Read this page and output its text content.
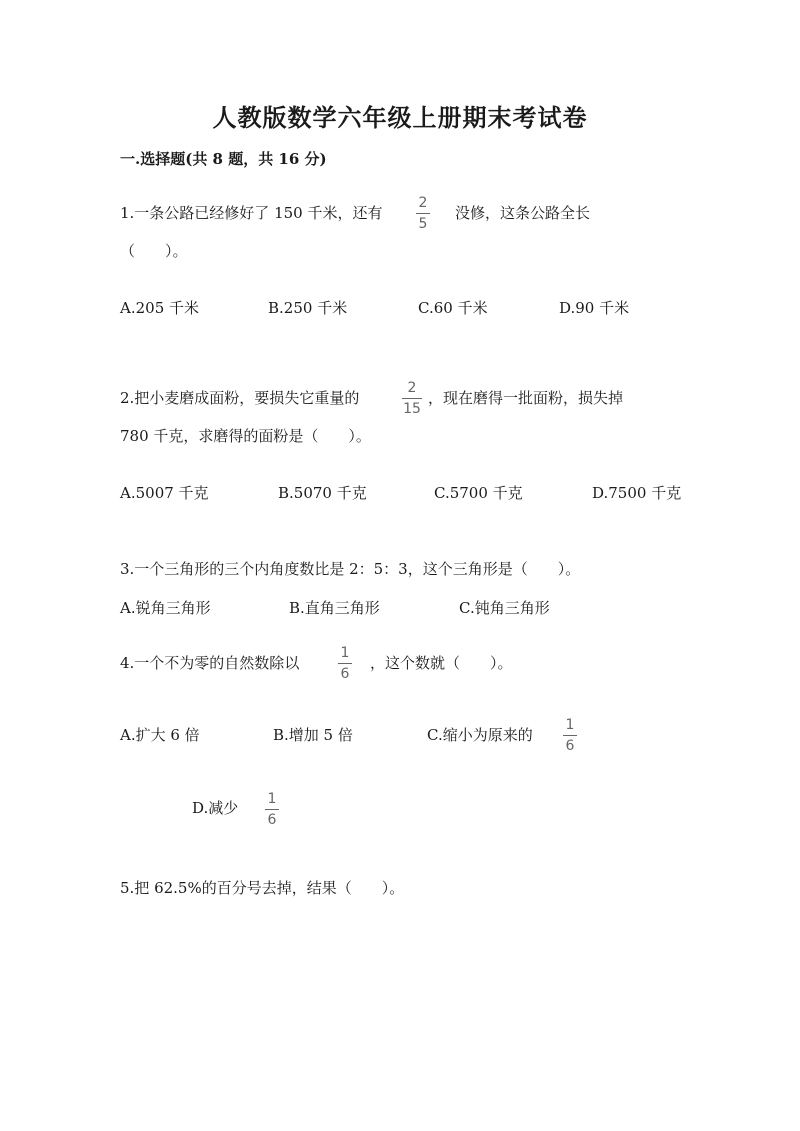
人教版数学六年级上册期末考试卷
一.选择题(共 8 题，共 16 分)
1.一条公路已经修好了 150 千米，还有
2
5
没修，这条公路全长
（　　）。
A.205 千米	B.250 千米	C.60 千米	D.90 千米
2.把小麦磨成面粉，要损失它重量的
2
15
，现在磨得一批面粉，损失掉
780 千克，求磨得的面粉是（　　）。
A.5007 千克	B.5070 千克	C.5700 千克	D.7500 千克
3.一个三角形的三个内角度数比是 2：5：3，这个三角形是（　　）。
A.锐角三角形	B.直角三角形	C.钝角三角形
4.一个不为零的自然数除以
1
6
，这个数就（　　）。
A.扩大 6 倍	B.增加 5 倍	C.缩小为原来的
1
6
D.减少 1
6
5.把 62.5%的百分号去掉，结果（　　）。
